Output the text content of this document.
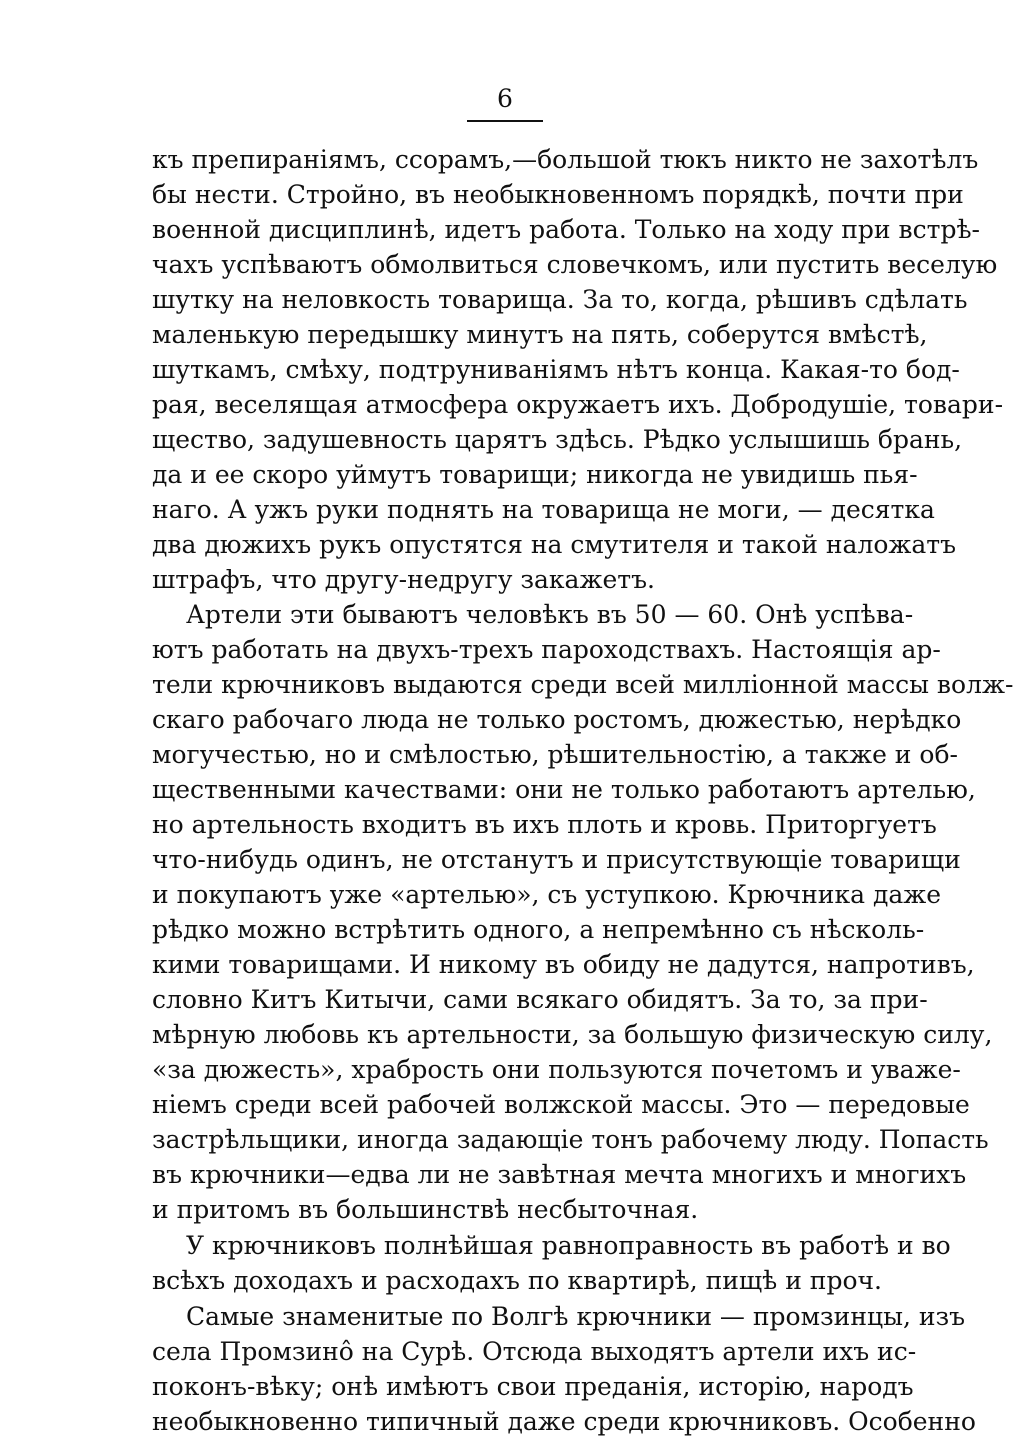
6
къ препиранiямъ, ссорамъ,—большой тюкъ никто не захотѣлъ
бы нести. Стройно, въ необыкновенномъ порядкѣ, почти при
военной дисциплинѣ, идетъ работа. Только на ходу при встрѣ-
чахъ успѣваютъ обмолвиться словечкомъ, или пустить веселую
шутку на неловкость товарища. За то, когда, рѣшивъ сдѣлать
маленькую передышку минутъ на пять, соберутся вмѣстѣ,
шуткамъ, смѣху, подтруниванiямъ нѣтъ конца. Какая-то бод-
рая, веселящая атмосфера окружаетъ ихъ. Добродушiе, товари-
щество, задушевность царятъ здѣсь. Рѣдко услышишь брань,
да и ее скоро уймутъ товарищи; никогда не увидишь пья-
наго. А ужъ руки поднять на товарища не моги, — десятка
два дюжихъ рукъ опустятся на смутителя и такой наложатъ
штрафъ, что другу-недругу закажетъ.
Артели эти бываютъ человѣкъ въ 50 — 60. Онѣ успѣва-
ютъ работать на двухъ-трехъ пароходствахъ. Настоящiя ар-
тели крючниковъ выдаются среди всей миллiонной массы волж-
скаго рабочаго люда не только ростомъ, дюжестью, нерѣдко
могучестью, но и смѣлостью, рѣшительностiю, а также и об-
щественными качествами: они не только работаютъ артелью,
но артельность входитъ въ ихъ плоть и кровь. Приторгуетъ
что-нибудь одинъ, не отстанутъ и присутствующiе товарищи
и покупаютъ уже «артелью», съ уступкою. Крючника даже
рѣдко можно встрѣтить одного, а непремѣнно съ нѣсколь-
кими товарищами. И никому въ обиду не дадутся, напротивъ,
словно Китъ Китычи, сами всякаго обидятъ. За то, за при-
мѣрную любовь къ артельности, за большую физическую силу,
«за дюжесть», храбрость они пользуются почетомъ и уваже-
нiемъ среди всей рабочей волжской массы. Это — передовые
застрѣльщики, иногда задающiе тонъ рабочему люду. Попасть
въ крючники—едва ли не завѣтная мечта многихъ и многихъ
и притомъ въ большинствѣ несбыточная.
У крючниковъ полнѣйшая равноправность въ работѣ и во
всѣхъ доходахъ и расходахъ по квартирѣ, пищѣ и проч.
Самые знаменитые по Волгѣ крючники — промзинцы, изъ
села Промзинô на Сурѣ. Отсюда выходятъ артели ихъ ис-
поконъ-вѣку; онѣ имѣютъ свои преданiя, исторiю, народъ
необыкновенно типичный даже среди крючниковъ. Особенно
